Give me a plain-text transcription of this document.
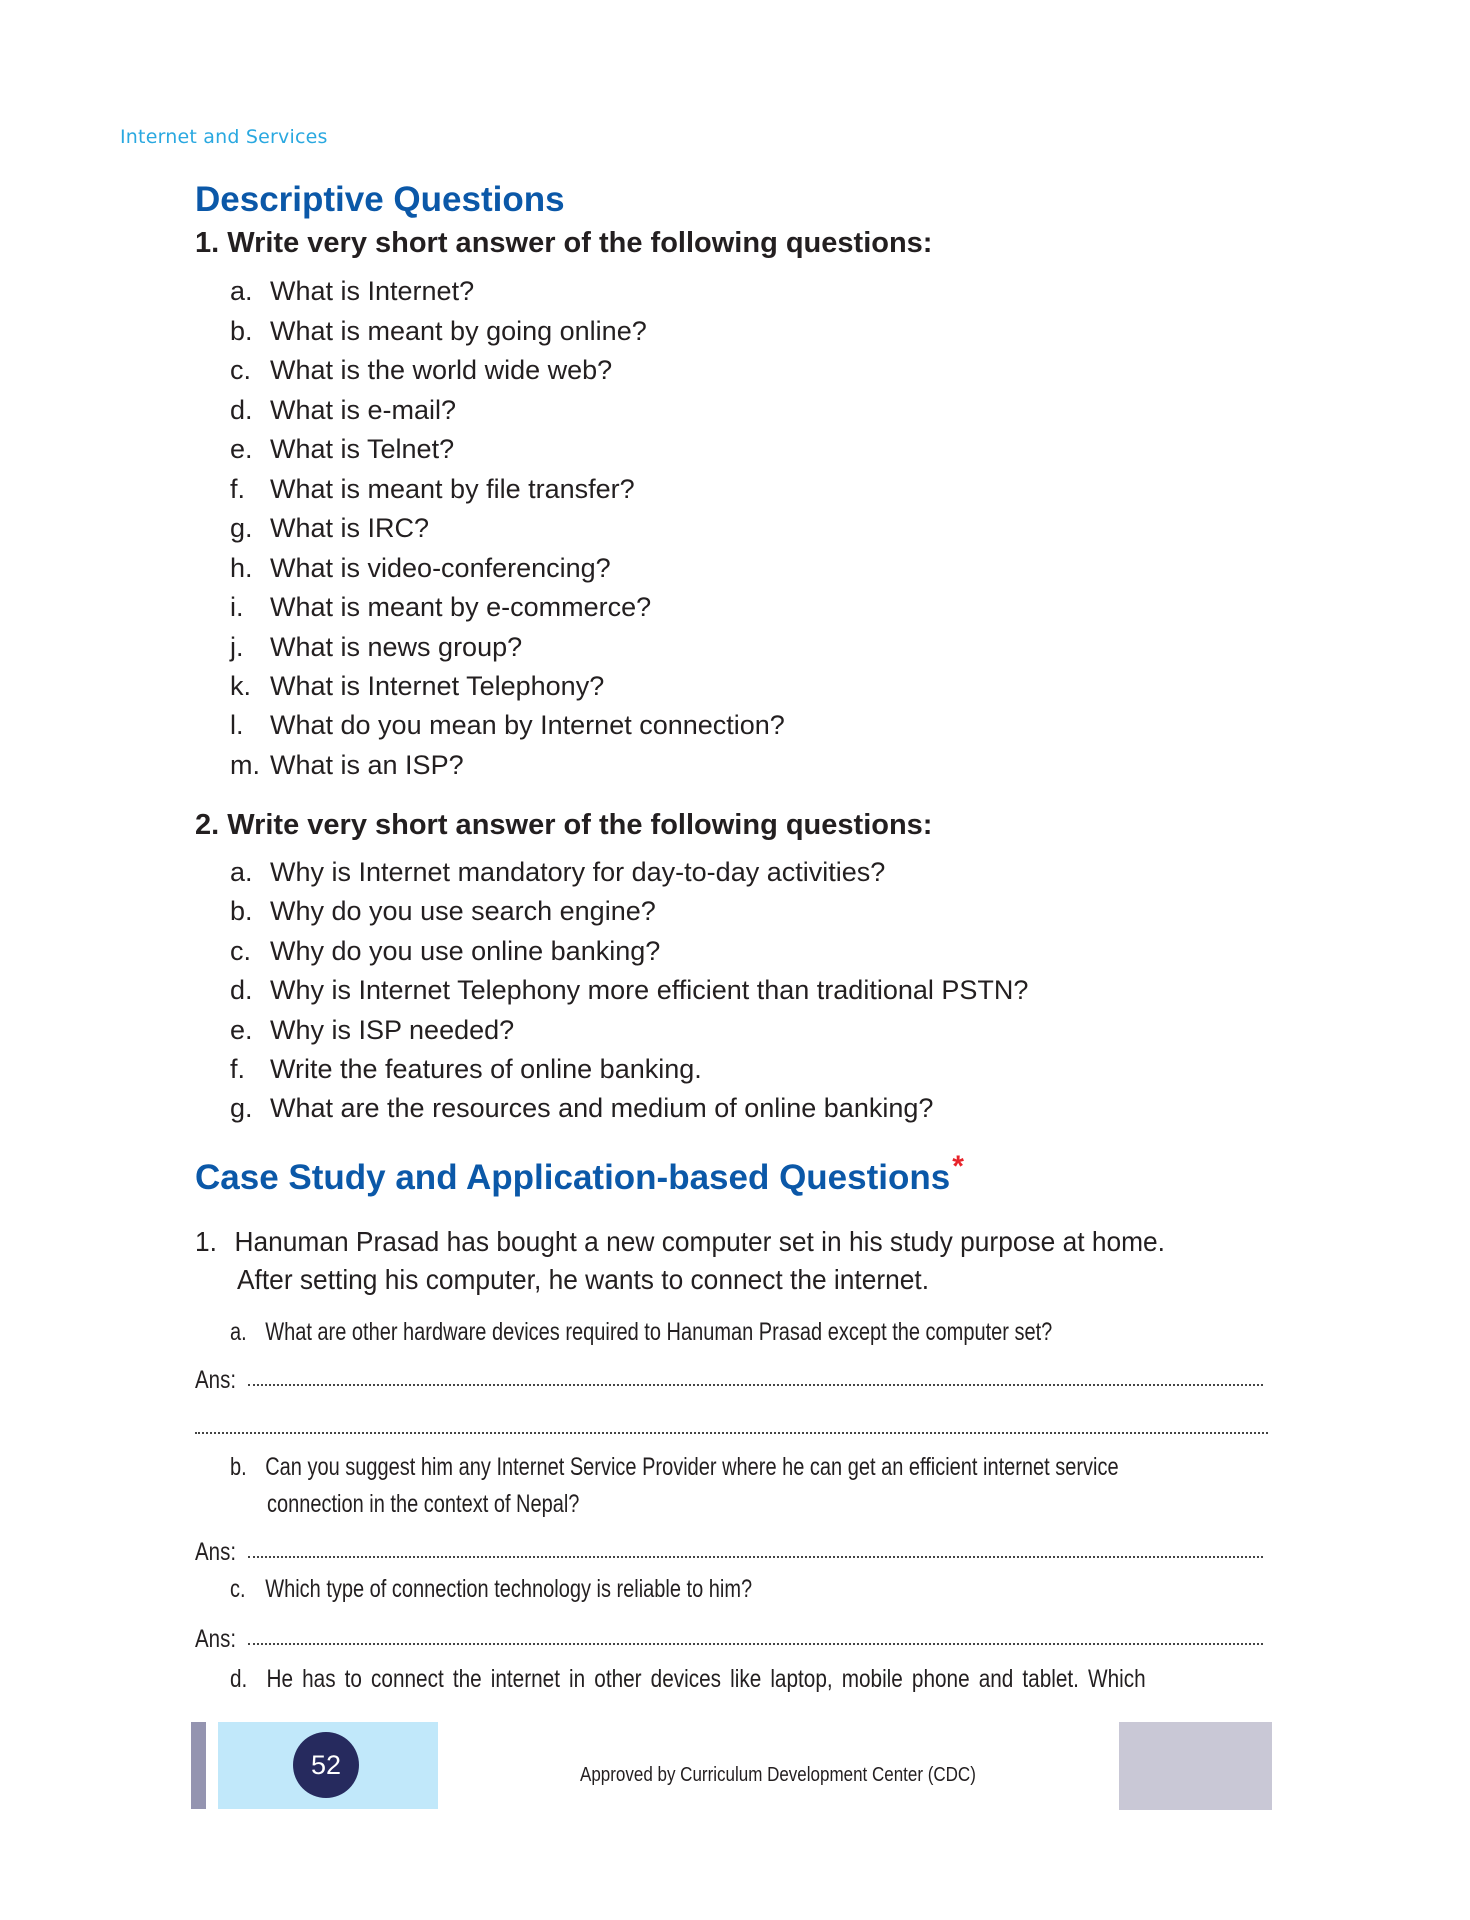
Internet and Services
Descriptive Questions
1. Write very short answer of the following questions:
a. What is Internet?
b. What is meant by going online?
c. What is the world wide web?
d. What is e-mail?
e. What is Telnet?
f. What is meant by file transfer?
g. What is IRC?
h. What is video-conferencing?
i. What is meant by e-commerce?
j. What is news group?
k. What is Internet Telephony?
l. What do you mean by Internet connection?
m. What is an ISP?
2. Write very short answer of the following questions:
a. Why is Internet mandatory for day-to-day activities?
b. Why do you use search engine?
c. Why do you use online banking?
d. Why is Internet Telephony more efficient than traditional PSTN?
e. Why is ISP needed?
f. Write the features of online banking.
g. What are the resources and medium of online banking?
Case Study and Application-based Questions*
1. Hanuman Prasad has bought a new computer set in his study purpose at home.
After setting his computer, he wants to connect the internet.
a. What are other hardware devices required to Hanuman Prasad except the computer set?
Ans:
b. Can you suggest him any Internet Service Provider where he can get an efficient internet service
connection in the context of Nepal?
Ans:
c. Which type of connection technology is reliable to him?
Ans:
d. He has to connect the internet in other devices like laptop, mobile phone and tablet. Which
52	Approved by Curriculum Development Center (CDC)
